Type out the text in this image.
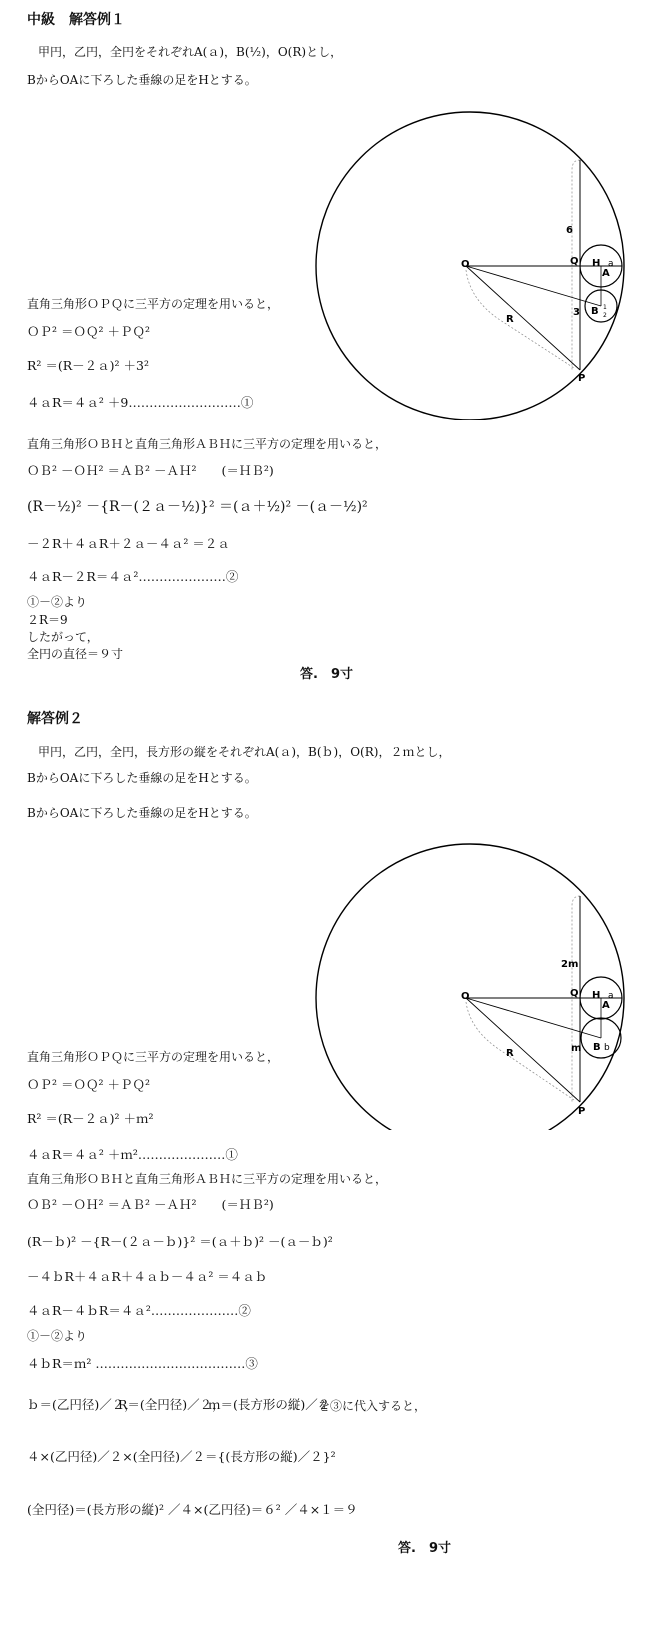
中級　解答例１
甲円，乙円，全円をそれぞれA(ａ)，B(½)，O(R)とし，
BからOAに下ろした垂線の足をHとする。
O	Q H
A
a
B 1
2
P
R
6
3
直角三角形ＯＰＱに三平方の定理を用いると，
ＯＰ² ＝ＯＱ² ＋ＰＱ²
R² ＝(R－２ａ)² ＋3²
４ａR＝４ａ² ＋9………………………①
直角三角形ＯＢＨと直角三角形ＡＢＨに三平方の定理を用いると，
ＯＢ² －ＯＨ² ＝ＡＢ² －ＡＨ²　　(＝ＨＢ²)
(R－½)² －{R－(２ａ－½)}² ＝(ａ＋½)² －(ａ－½)²
－２R＋４ａR＋２ａ－４ａ² ＝２ａ
４ａR－２R＝４ａ²…………………②
①－②より
２R＝9
したがって，
全円の直径＝９寸
答.　9寸
解答例２
甲円，乙円，全円，長方形の縦をそれぞれA(ａ)，B(ｂ)，O(R)，２ｍとし，
BからOAに下ろした垂線の足をHとする。
BからOAに下ろした垂線の足をHとする。
O	Q H
A
a
B b
P
R
2m
m
直角三角形ＯＰＱに三平方の定理を用いると，
ＯＰ² ＝ＯＱ² ＋ＰＱ²
R² ＝(R－２ａ)² ＋ｍ²
４ａR＝４ａ² ＋ｍ²…………………①
直角三角形ＯＢＨと直角三角形ＡＢＨに三平方の定理を用いると，
ＯＢ² －ＯＨ² ＝ＡＢ² －ＡＨ²　　(＝ＨＢ²)
(R－ｂ)² －{R－(２ａ－ｂ)}² ＝(ａ＋ｂ)² －(ａ－ｂ)²
－４ｂR＋４ａR＋４ａｂ－４ａ² ＝４ａｂ
４ａR－４ｂR＝４ａ²…………………②
①－②より
４ｂR＝ｍ² ………………………………③
ｂ＝(乙円径)／２，
R＝(全円径)／２，
ｍ＝(長方形の縦)／２
を③に代入すると，
４×(乙円径)／２×(全円径)／２＝{(長方形の縦)／２}²
(全円径)＝(長方形の縦)² ／４×(乙円径)＝６² ／４×１＝９
答.　9寸
